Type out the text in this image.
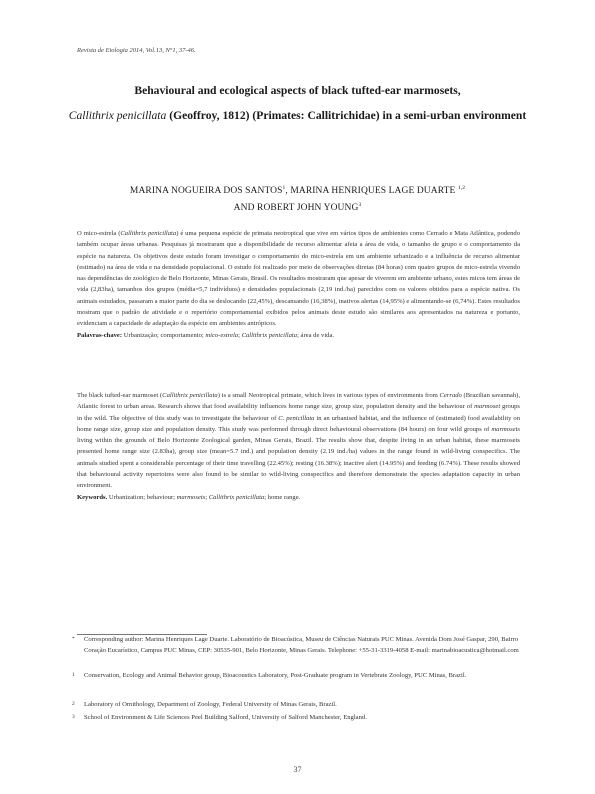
Revista de Etologia 2014, Vol.13, N°1, 37-46.
Behavioural and ecological aspects of black tufted-ear marmosets,
Callithrix penicillata (Geoffroy, 1812) (Primates: Callitrichidae) in a semi-urban environment
MARINA NOGUEIRA DOS SANTOS$^1$, MARINA HENRIQUES LAGE DUARTE $^{1,2}$
AND ROBERT JOHN YOUNG$^3$
O mico-estrela (Callithrix penicillata) é uma pequena espécie de primata neotropical que vive em vários tipos de ambientes como Cerrado e Mata Atlântica, podendo também ocupar áreas urbanas. Pesquisas já mostraram que a disponibilidade de recurso alimentar afeta a área de vida, o tamanho de grupo e o comportamento da espécie na natureza. Os objetivos deste estudo foram investigar o comportamento do mico-estrela em um ambiente urbanizado e a influência de recurso alimentar (estimado) na área de vida e na densidade populacional. O estudo foi realizado por meio de observações diretas (84 horas) com quatro grupos de mico-estrela vivendo nas dependências do zoológico de Belo Horizonte, Minas Gerais, Brasil. Os resultados mostraram que apesar de viverem em ambiente urbano, estes micos tem áreas de vida (2,83ha), tamanhos dos grupos (média=5,7 indivíduos) e densidades populacionais (2,19 ind./ha) parecidos com os valores obtidos para a espécie nativa. Os animais estudados, passaram a maior parte do dia se deslocando (22,45%), descansando (16,38%), inativos alertas (14,95%) e alimentando-se (6,74%). Estes resultados mostram que o padrão de atividade e o repertório comportamental exibidos pelos animais deste estudo são similares aos apresentados na natureza e portanto, evidenciam a capacidade de adaptação da espécie em ambientes antrópicos.
Palavras-chave: Urbanização; comportamento; mico-estrela; Callithrix penicillata; área de vida.
The black tufted-ear marmoset (Callithrix penicillata) is a small Neotropical primate, which lives in various types of environments from Cerrado (Brazilian savannah), Atlantic forest to urban areas. Research shows that food availability influences home range size, group size, population density and the behaviour of marmoset groups in the wild. The objective of this study was to investigate the behaviour of C. penicillata in an urbanised habitat, and the influence of (estimated) food availability on home range size, group size and population density. This study was performed through direct behavioural observations (84 hours) on four wild groups of marmosets living within the grounds of Belo Horizonte Zoological garden, Minas Gerais, Brazil. The results show that, despite living in an urban habitat, these marmosets presented home range size (2.83ha), group size (mean=5.7 ind.) and population density (2.19 ind./ha) values in the range found in wild-living conspecifics. The animals studied spent a considerable percentage of their time travelling (22.45%); resting (16.38%); inactive alert (14.95%) and feeding (6.74%). These results showed that behavioural activity repertoires were also found to be similar to wild-living conspecifics and therefore demonstrate the species adaptation capacity in urban environment.
Keywords. Urbanization; behaviour; marmosets; Callithrix penicillata; home range.
* Corresponding author: Marina Henriques Lage Duarte. Laboratório de Bioacústica, Museu de Ciências Naturais PUC Minas. Avenida Dom José Gaspar, 290, Bairro Coração Eucarístico, Campus PUC Minas, CEP: 30535-901, Belo Horizonte, Minas Gerais. Telephone: +55-31-3319-4058 E-mail: marinabioacustica@hotmail.com
1 Conservation, Ecology and Animal Behavior group, Bioacoustics Laboratory, Post-Graduate program in Vertebrate Zoology, PUC Minas, Brazil.
2 Laboratory of Ornithology, Department of Zoology, Federal University of Minas Gerais, Brazil.
3 School of Environment & Life Sciences Peel Building Salford, University of Salford Manchester, England.
37
